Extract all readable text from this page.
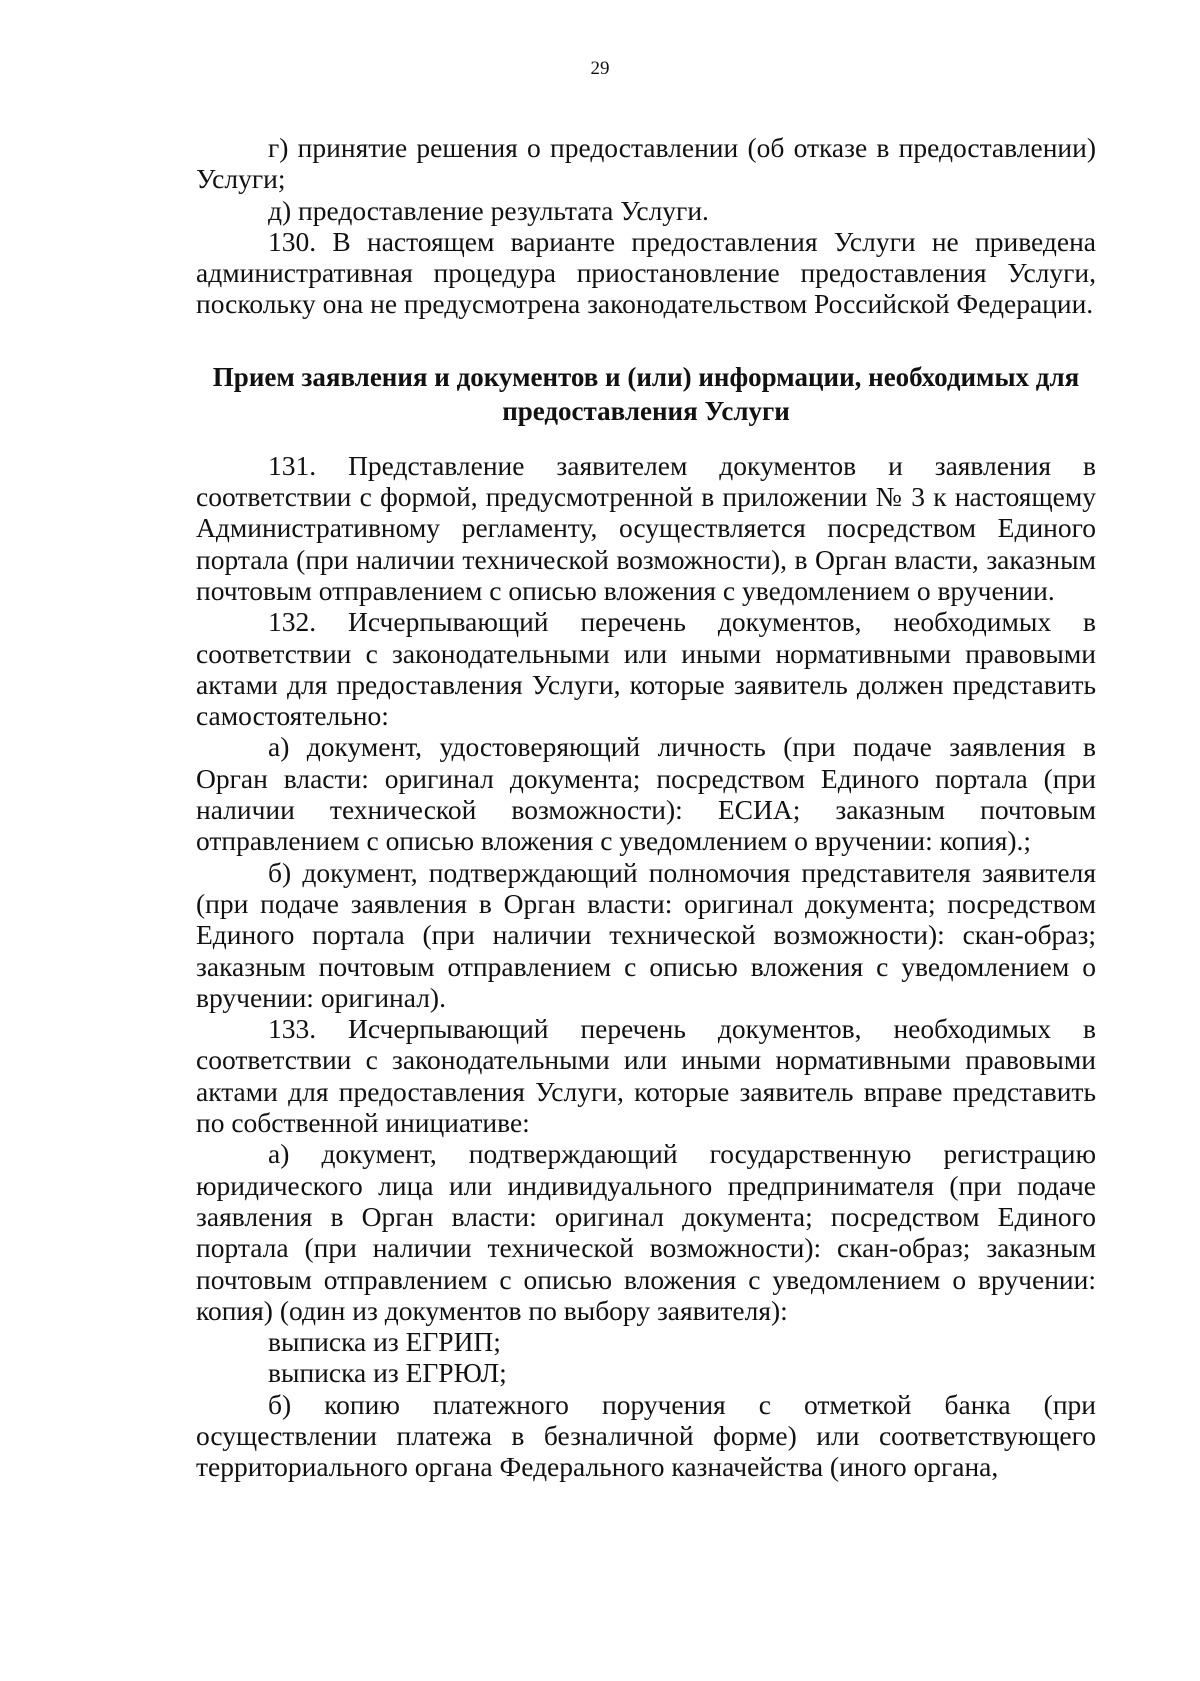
29

г) принятие решения о предоставлении (об отказе в предоставлении) Услуги;

д) предоставление результата Услуги.

130. В настоящем варианте предоставления Услуги не приведена административная процедура приостановление предоставления Услуги, поскольку она не предусмотрена законодательством Российской Федерации.

Прием заявления и документов и (или) информации, необходимых для предоставления Услуги

131. Представление заявителем документов и заявления в соответствии с формой, предусмотренной в приложении № 3 к настоящему Административному регламенту, осуществляется посредством Единого портала (при наличии технической возможности), в Орган власти, заказным почтовым отправлением с описью вложения с уведомлением о вручении.

132. Исчерпывающий перечень документов, необходимых в соответствии с законодательными или иными нормативными правовыми актами для предоставления Услуги, которые заявитель должен представить самостоятельно:

а) документ, удостоверяющий личность (при подаче заявления в Орган власти: оригинал документа; посредством Единого портала (при наличии технической возможности): ЕСИА; заказным почтовым отправлением с описью вложения с уведомлением о вручении: копия).;

б) документ, подтверждающий полномочия представителя заявителя (при подаче заявления в Орган власти: оригинал документа; посредством Единого портала (при наличии технической возможности): скан-образ; заказным почтовым отправлением с описью вложения с уведомлением о вручении: оригинал).

133. Исчерпывающий перечень документов, необходимых в соответствии с законодательными или иными нормативными правовыми актами для предоставления Услуги, которые заявитель вправе представить по собственной инициативе:

а) документ, подтверждающий государственную регистрацию юридического лица или индивидуального предпринимателя (при подаче заявления в Орган власти: оригинал документа; посредством Единого портала (при наличии технической возможности): скан-образ; заказным почтовым отправлением с описью вложения с уведомлением о вручении: копия) (один из документов по выбору заявителя):

выписка из ЕГРИП;

выписка из ЕГРЮЛ;

б) копию платежного поручения с отметкой банка (при осуществлении платежа в безналичной форме) или соответствующего территориального органа Федерального казначейства (иного органа,
